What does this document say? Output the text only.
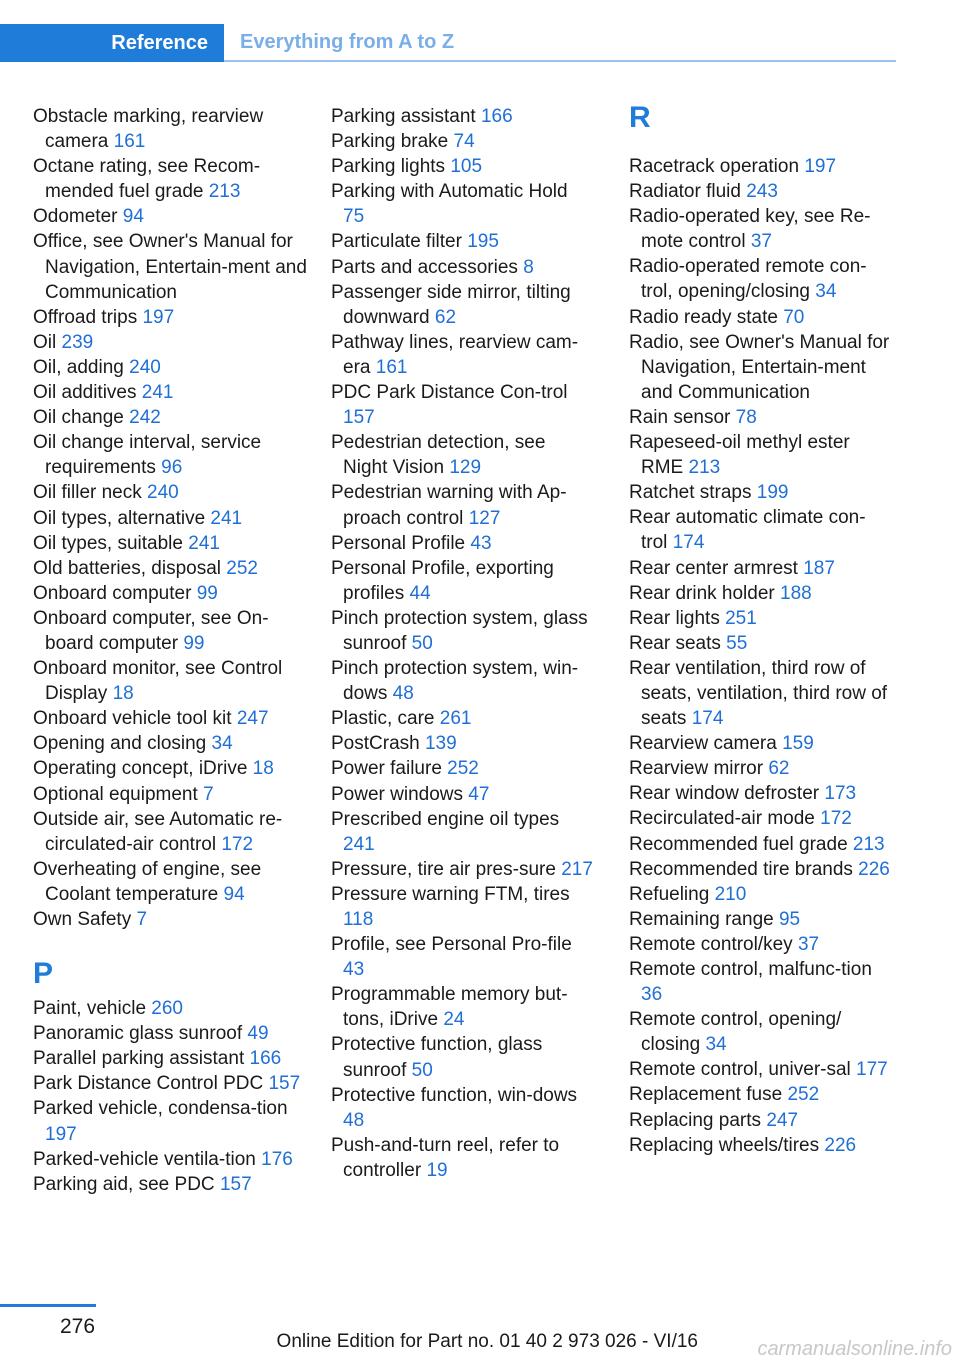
Reference	Everything from A to Z
Obstacle marking, rearview camera 161
Octane rating, see Recom-mended fuel grade 213
Odometer 94
Office, see Owner's Manual for Navigation, Entertain-ment and Communication
Offroad trips 197
Oil 239
Oil, adding 240
Oil additives 241
Oil change 242
Oil change interval, service requirements 96
Oil filler neck 240
Oil types, alternative 241
Oil types, suitable 241
Old batteries, disposal 252
Onboard computer 99
Onboard computer, see On-board computer 99
Onboard monitor, see Control Display 18
Onboard vehicle tool kit 247
Opening and closing 34
Operating concept, iDrive 18
Optional equipment 7
Outside air, see Automatic re-circulated-air control 172
Overheating of engine, see Coolant temperature 94
Own Safety 7
P
Paint, vehicle 260
Panoramic glass sunroof 49
Parallel parking assistant 166
Park Distance Control PDC 157
Parked vehicle, condensa-tion 197
Parked-vehicle ventila-tion 176
Parking aid, see PDC 157
Parking assistant 166
Parking brake 74
Parking lights 105
Parking with Automatic Hold 75
Particulate filter 195
Parts and accessories 8
Passenger side mirror, tilting downward 62
Pathway lines, rearview cam-era 161
PDC Park Distance Con-trol 157
Pedestrian detection, see Night Vision 129
Pedestrian warning with Ap-proach control 127
Personal Profile 43
Personal Profile, exporting profiles 44
Pinch protection system, glass sunroof 50
Pinch protection system, win-dows 48
Plastic, care 261
PostCrash 139
Power failure 252
Power windows 47
Prescribed engine oil types 241
Pressure, tire air pres-sure 217
Pressure warning FTM, tires 118
Profile, see Personal Pro-file 43
Programmable memory but-tons, iDrive 24
Protective function, glass sunroof 50
Protective function, win-dows 48
Push-and-turn reel, refer to controller 19
R
Racetrack operation 197
Radiator fluid 243
Radio-operated key, see Re-mote control 37
Radio-operated remote con-trol, opening/closing 34
Radio ready state 70
Radio, see Owner's Manual for Navigation, Entertain-ment and Communication
Rain sensor 78
Rapeseed-oil methyl ester RME 213
Ratchet straps 199
Rear automatic climate con-trol 174
Rear center armrest 187
Rear drink holder 188
Rear lights 251
Rear seats 55
Rear ventilation, third row of seats, ventilation, third row of seats 174
Rearview camera 159
Rearview mirror 62
Rear window defroster 173
Recirculated-air mode 172
Recommended fuel grade 213
Recommended tire brands 226
Refueling 210
Remaining range 95
Remote control/key 37
Remote control, malfunc-tion 36
Remote control, opening/ closing 34
Remote control, univer-sal 177
Replacement fuse 252
Replacing parts 247
Replacing wheels/tires 226
276
Online Edition for Part no. 01 40 2 973 026 - VI/16	carmanualsonline.info
